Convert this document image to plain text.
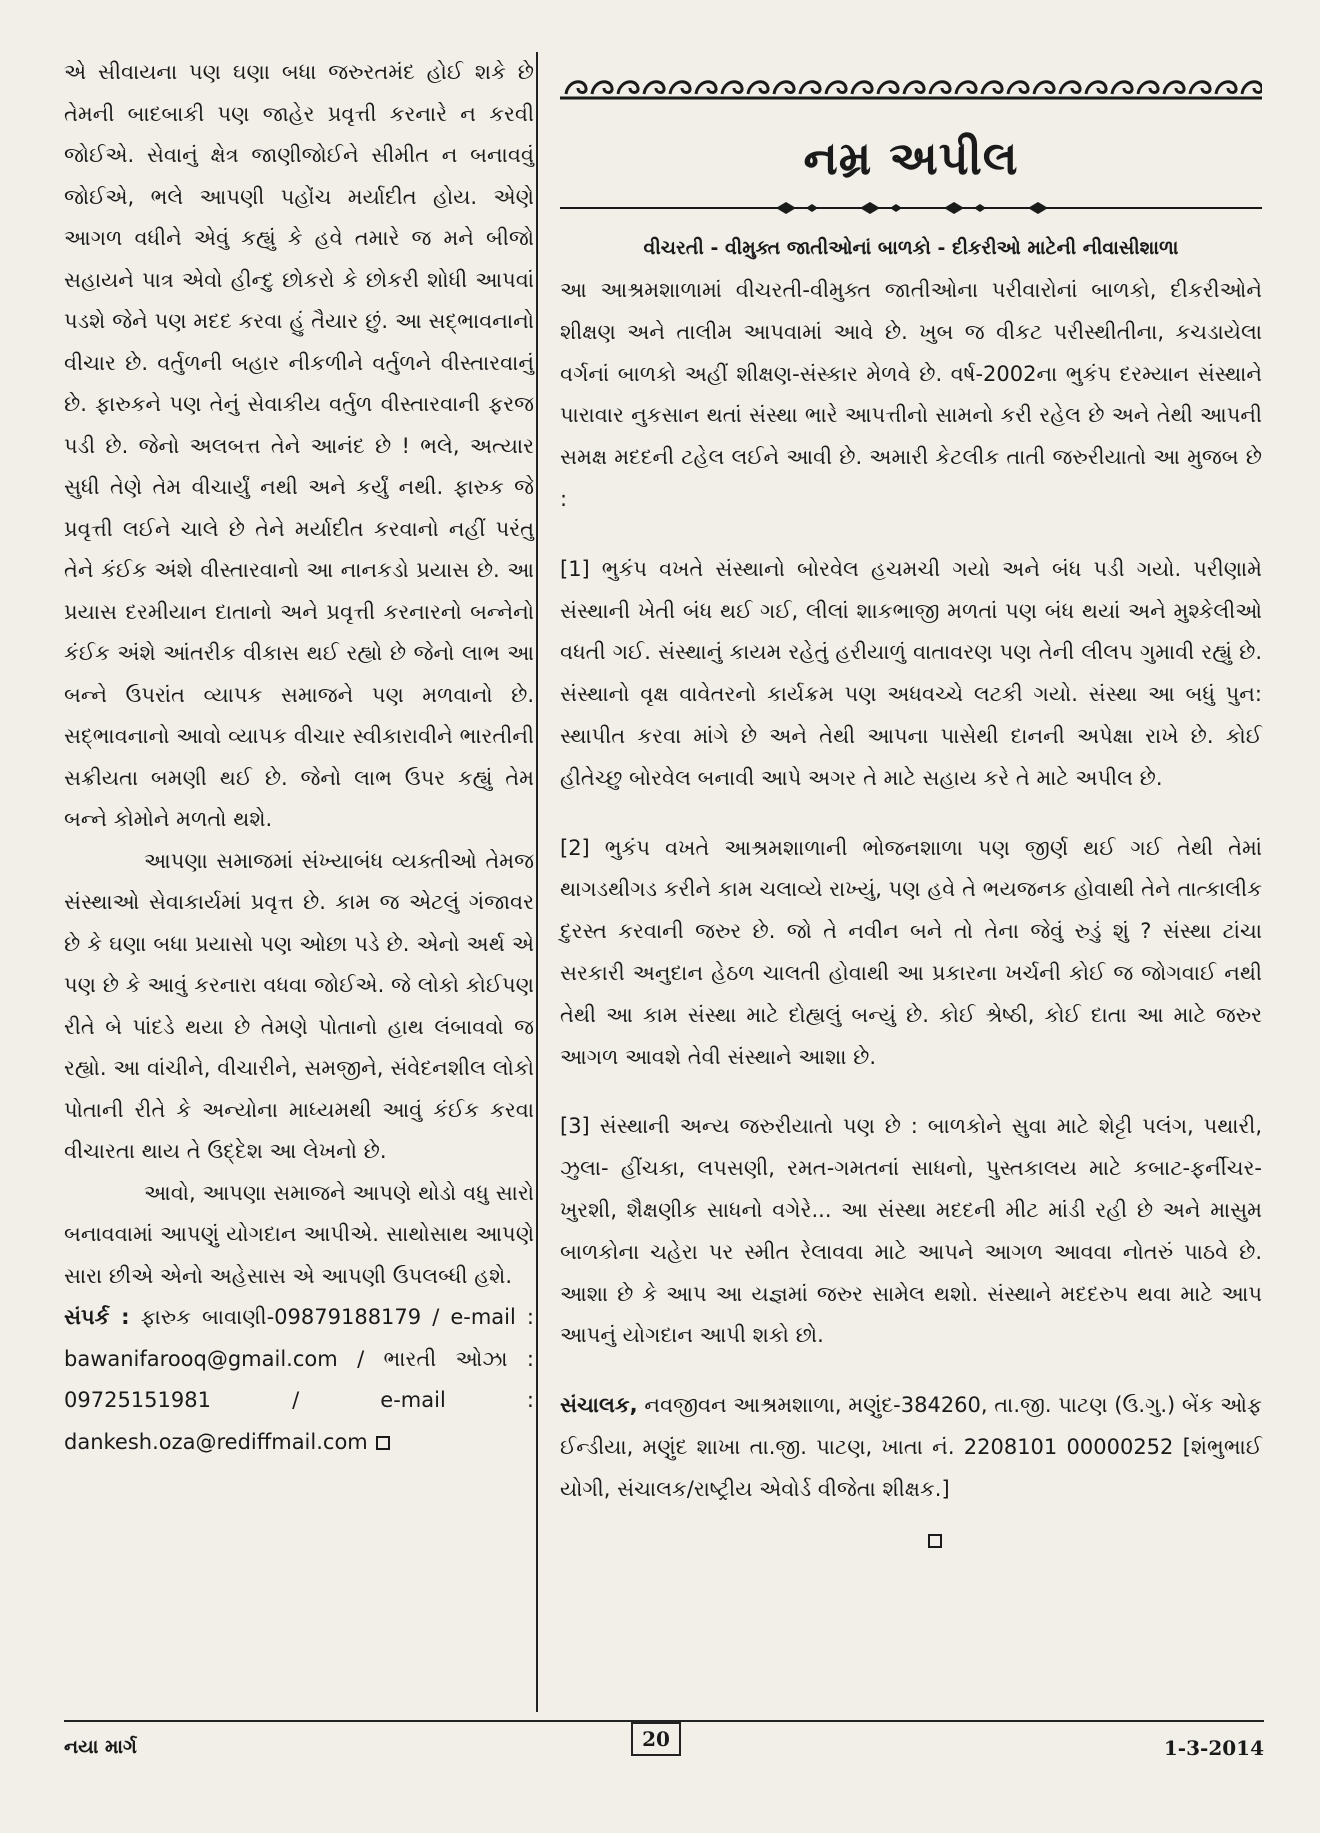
એ સીવાયના પણ ઘણા બધા જરુરતમંદ હોઈ શકે છે તેમની બાદબાકી પણ જાહેર પ્રવૃત્તી કરનારે ન કરવી જોઈએ. સેવાનું ક્ષેત્ર જાણીજોઈને સીમીત ન બનાવવું જોઈએ, ભલે આપણી પહોંચ મર્યાદીત હોય. એણે આગળ વધીને એવું કહ્યું કે હવે તમારે જ મને બીજો સહાયને પાત્ર એવો હીન્દુ છોકરો કે છોકરી શોધી આપવાં પડશે જેને પણ મદદ કરવા હું તૈયાર છું. આ સદ્ભાવનાનો વીચાર છે. વર્તુળની બહાર નીકળીને વર્તુળને વીસ્તારવાનું છે. ફારુકને પણ તેનું સેવાકીય વર્તુળ વીસ્તારવાની ફરજ પડી છે. જેનો અલબત્ત તેને આનંદ છે ! ભલે, અત્યાર સુધી તેણે તેમ વીચાર્યું નથી અને કર્યું નથી. ફારુક જે પ્રવૃત્તી લઈને ચાલે છે તેને મર્યાદીત કરવાનો નહીં પરંતુ તેને કંઈક અંશે વીસ્તારવાનો આ નાનકડો પ્રયાસ છે. આ પ્રયાસ દરમીયાન દાતાનો અને પ્રવૃત્તી કરનારનો બન્નેનો કંઈક અંશે આંતરીક વીકાસ થઈ રહ્યો છે જેનો લાભ આ બન્ને ઉપરાંત વ્યાપક સમાજને પણ મળવાનો છે. સદ્ભાવનાનો આવો વ્યાપક વીચાર સ્વીકારાવીને ભારતીની સક્રીયતા બમણી થઈ છે. જેનો લાભ ઉપર કહ્યું તેમ બન્ને કોમોને મળતો થશે.

આપણા સમાજમાં સંખ્યાબંધ વ્યક્તીઓ તેમજ સંસ્થાઓ સેવાકાર્યમાં પ્રવૃત્ત છે. કામ જ એટલું ગંજાવર છે કે ઘણા બધા પ્રયાસો પણ ઓછા પડે છે. એનો અર્થ એ પણ છે કે આવું કરનારા વધવા જોઈએ. જે લોકો કોઈપણ રીતે બે પાંદડે થયા છે તેમણે પોતાનો હાથ લંબાવવો જ રહ્યો. આ વાંચીને, વીચારીને, સમજીને, સંવેદનશીલ લોકો પોતાની રીતે કે અન્યોના માધ્યમથી આવું કંઈક કરવા વીચારતા થાય તે ઉદ્દેશ આ લેખનો છે.

આવો, આપણા સમાજને આપણે થોડો વધુ સારો બનાવવામાં આપણું યોગદાન આપીએ. સાથોસાથ આપણે સારા છીએ એનો અહેસાસ એ આપણી ઉપલબ્ધી હશે.

સંપર્ક : ફારુક બાવાણી-09879188179 / e-mail : bawanifarooq@gmail.com / ભારતી ઓઝા : 09725151981 / e-mail : dankesh.oza@rediffmail.com

નમ્ર અપીલ
વીચરતી - વીમુક્ત જાતીઓનાં બાળકો - દીકરીઓ માટેની નીવાસીશાળા

આ આશ્રમશાળામાં વીચરતી-વીમુક્ત જાતીઓના પરીવારોનાં બાળકો, દીકરીઓને શીક્ષણ અને તાલીમ આપવામાં આવે છે. ખુબ જ વીકટ પરીસ્થીતીના, કચડાયેલા વર્ગનાં બાળકો અહીં શીક્ષણ-સંસ્કાર મેળવે છે. વર્ષ-2002ના ભુકંપ દરમ્યાન સંસ્થાને પારાવાર નુકસાન થતાં સંસ્થા ભારે આપત્તીનો સામનો કરી રહેલ છે અને તેથી આપની સમક્ષ મદદની ટહેલ લઈને આવી છે. અમારી કેટલીક તાતી જરુરીયાતો આ મુજબ છે :

[1] ભુકંપ વખતે સંસ્થાનો બોરવેલ હચમચી ગયો અને બંધ પડી ગયો. પરીણામે સંસ્થાની ખેતી બંધ થઈ ગઈ, લીલાં શાકભાજી મળતાં પણ બંધ થયાં અને મુશ્કેલીઓ વધતી ગઈ. સંસ્થાનું કાયમ રહેતું હરીયાળું વાતાવરણ પણ તેની લીલપ ગુમાવી રહ્યું છે. સંસ્થાનો વૃક્ષ વાવેતરનો કાર્યક્રમ પણ અધવચ્ચે લટકી ગયો. સંસ્થા આ બધું પુન: સ્થાપીત કરવા માંગે છે અને તેથી આપના પાસેથી દાનની અપેક્ષા રાખે છે. કોઈ હીતેચ્છુ બોરવેલ બનાવી આપે અગર તે માટે સહાય કરે તે માટે અપીલ છે.

[2] ભુકંપ વખતે આશ્રમશાળાની ભોજનશાળા પણ જીર્ણ થઈ ગઈ તેથી તેમાં થાગડથીગડ કરીને કામ ચલાવ્યે રાખ્યું, પણ હવે તે ભયજનક હોવાથી તેને તાત્કાલીક દુરસ્ત કરવાની જરુર છે. જો તે નવીન બને તો તેના જેવું રુડું શું ? સંસ્થા ટાંચા સરકારી અનુદાન હેઠળ ચાલતી હોવાથી આ પ્રકારના ખર્ચની કોઈ જ જોગવાઈ નથી તેથી આ કામ સંસ્થા માટે દોહ્યલું બન્યું છે. કોઈ શ્રેષ્ઠી, કોઈ દાતા આ માટે જરુર આગળ આવશે તેવી સંસ્થાને આશા છે.

[3] સંસ્થાની અન્ય જરુરીયાતો પણ છે : બાળકોને સુવા માટે શેટ્ટી પલંગ, પથારી, ઝુલા- હીંચકા, લપસણી, રમત-ગમતનાં સાધનો, પુસ્તકાલય માટે કબાટ-ફર્નીચર-ખુરશી, શૈક્ષણીક સાધનો વગેરે... આ સંસ્થા મદદની મીટ માંડી રહી છે અને માસુમ બાળકોના ચહેરા પર સ્મીત રેલાવવા માટે આપને આગળ આવવા નોતરું પાઠવે છે. આશા છે કે આપ આ યજ્ઞમાં જરુર સામેલ થશો. સંસ્થાને મદદરુપ થવા માટે આપ આપનું યોગદાન આપી શકો છો.

સંચાલક, નવજીવન આશ્રમશાળા, મણુંદ-384260, તા.જી. પાટણ (ઉ.ગુ.) બેંક ઓફ ઈન્ડીયા, મણુંદ શાખા તા.જી. પાટણ, ખાતા નં. 2208101 00000252 [શંભુભાઈ યોગી, સંચાલક/રાષ્ટ્રીય એવોર્ડ વીજેતા શીક્ષક.]

નયા માર્ગ	20	1-3-2014
